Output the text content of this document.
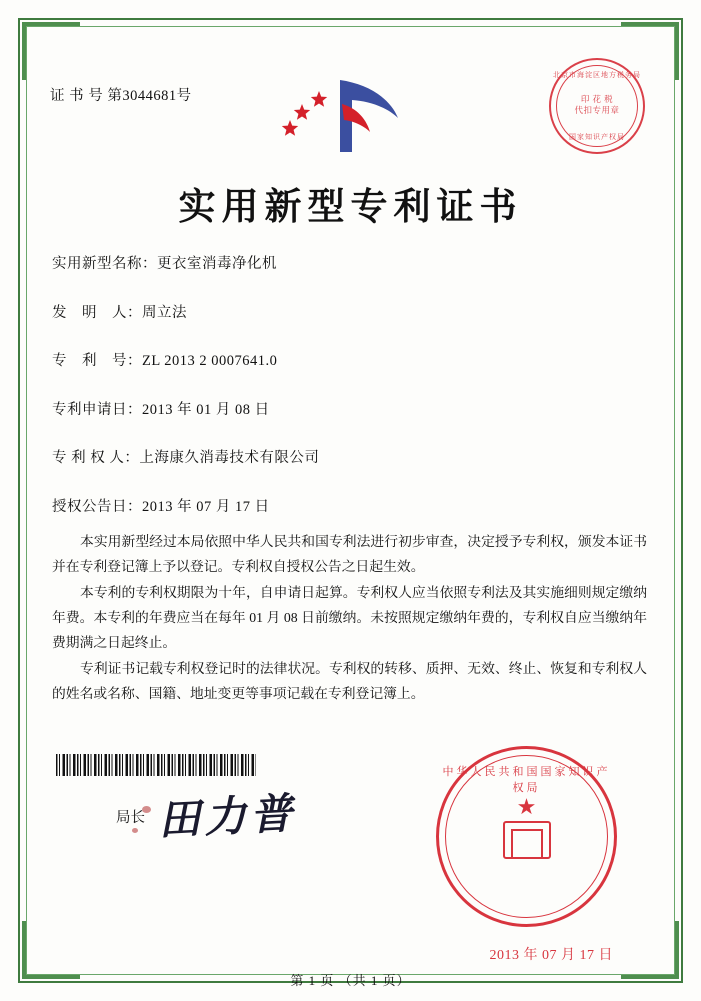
证 书 号 第3044681号
北京市海淀区地方税务局
印 花 税
代扣专用章
国家知识产权局
实用新型专利证书
实用新型名称： 更衣室消毒净化机
发　明　人： 周立法
专　利　号： ZL 2013 2 0007641.0
专利申请日： 2013 年 01 月 08 日
专 利 权 人： 上海康久消毒技术有限公司
授权公告日： 2013 年 07 月 17 日

本实用新型经过本局依照中华人民共和国专利法进行初步审查，决定授予专利权，颁发本证书并在专利登记簿上予以登记。专利权自授权公告之日起生效。

本专利的专利权期限为十年，自申请日起算。专利权人应当依照专利法及其实施细则规定缴纳年费。本专利的年费应当在每年 01 月 08 日前缴纳。未按照规定缴纳年费的，专利权自应当缴纳年费期满之日起终止。

专利证书记载专利权登记时的法律状况。专利权的转移、质押、无效、终止、恢复和专利权人的姓名或名称、国籍、地址变更等事项记载在专利登记簿上。

局长 田力普	★
中华人民共和国国家知识产权局
2013 年 07 月 17 日
第 1 页 （共 1 页）
